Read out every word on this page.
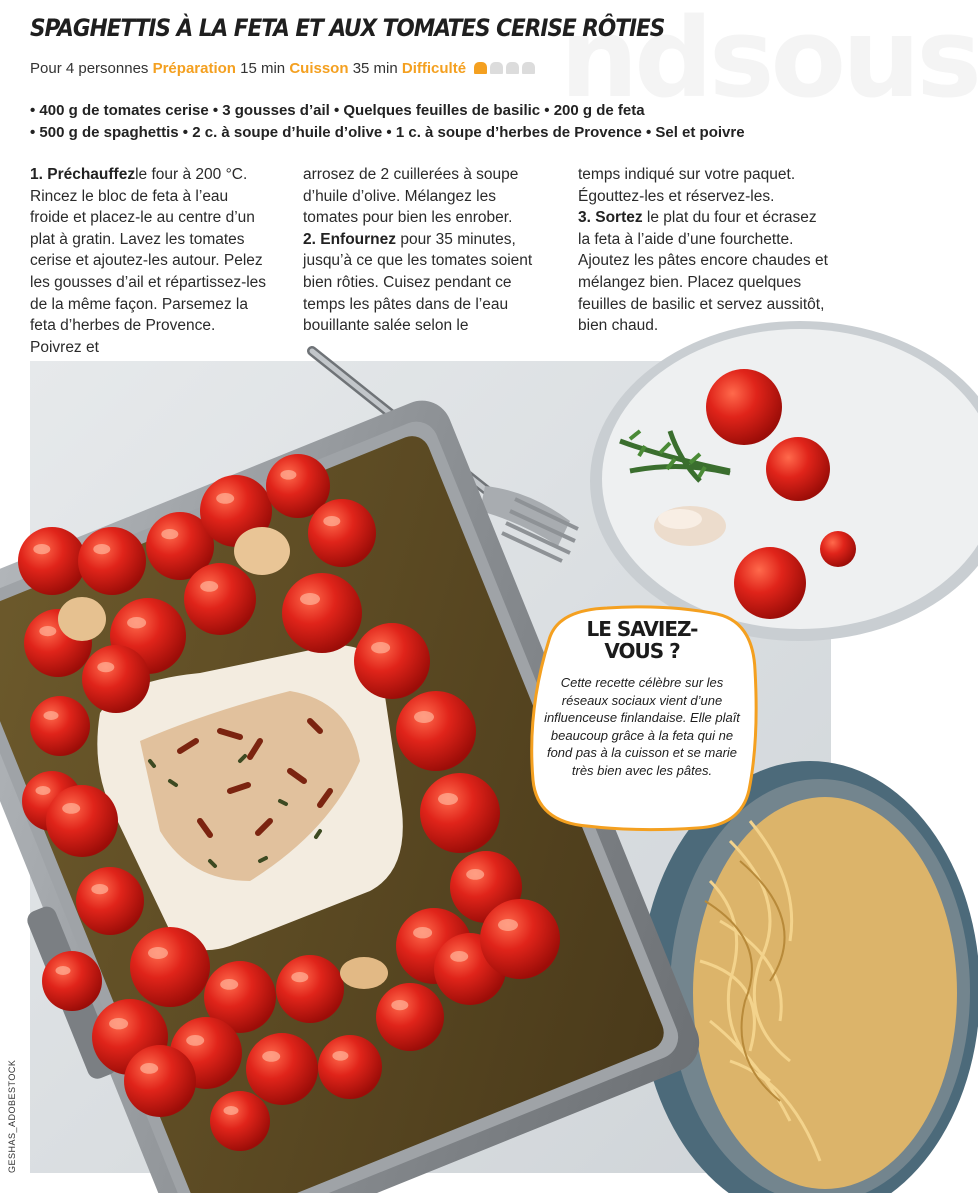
ndsous
SPAGHETTIS À LA FETA ET AUX TOMATES CERISE RÔTIES
Pour 4 personnes Préparation 15 min Cuisson 35 min Difficulté
• 400 g de tomates cerise • 3 gousses d’ail • Quelques feuilles de basilic • 200 g de feta
• 500 g de spaghettis • 2 c. à soupe d’huile d’olive • 1 c. à soupe d’herbes de Provence • Sel et poivre
1. Préchauffezle four à 200 °C. Rincez le bloc de feta à l’eau froide et placez-le au centre d’un plat à gratin. Lavez les tomates cerise et ajoutez-les autour. Pelez les gousses d’ail et répartissez-les de la même façon. Parsemez la feta d’herbes de Provence. Poivrez et
arrosez de 2 cuillerées à soupe d’huile d’olive. Mélangez les tomates pour bien les enrober.
2. Enfournez pour 35 minutes, jusqu’à ce que les tomates soient bien rôties. Cuisez pendant ce temps les pâtes dans de l’eau bouillante salée selon le
temps indiqué sur votre paquet. Égouttez-les et réservez-les.
3. Sortez le plat du four et écrasez la feta à l’aide d’une fourchette. Ajoutez les pâtes encore chaudes et mélangez bien. Placez quelques feuilles de basilic et servez aussitôt, bien chaud.
GESHAS_ADOBESTOCK
LE SAVIEZ-
VOUS ?
Cette recette célèbre sur les réseaux sociaux vient d’une influenceuse finlandaise. Elle plaît beaucoup grâce à la feta qui ne fond pas à la cuisson et se marie très bien avec les pâtes.
